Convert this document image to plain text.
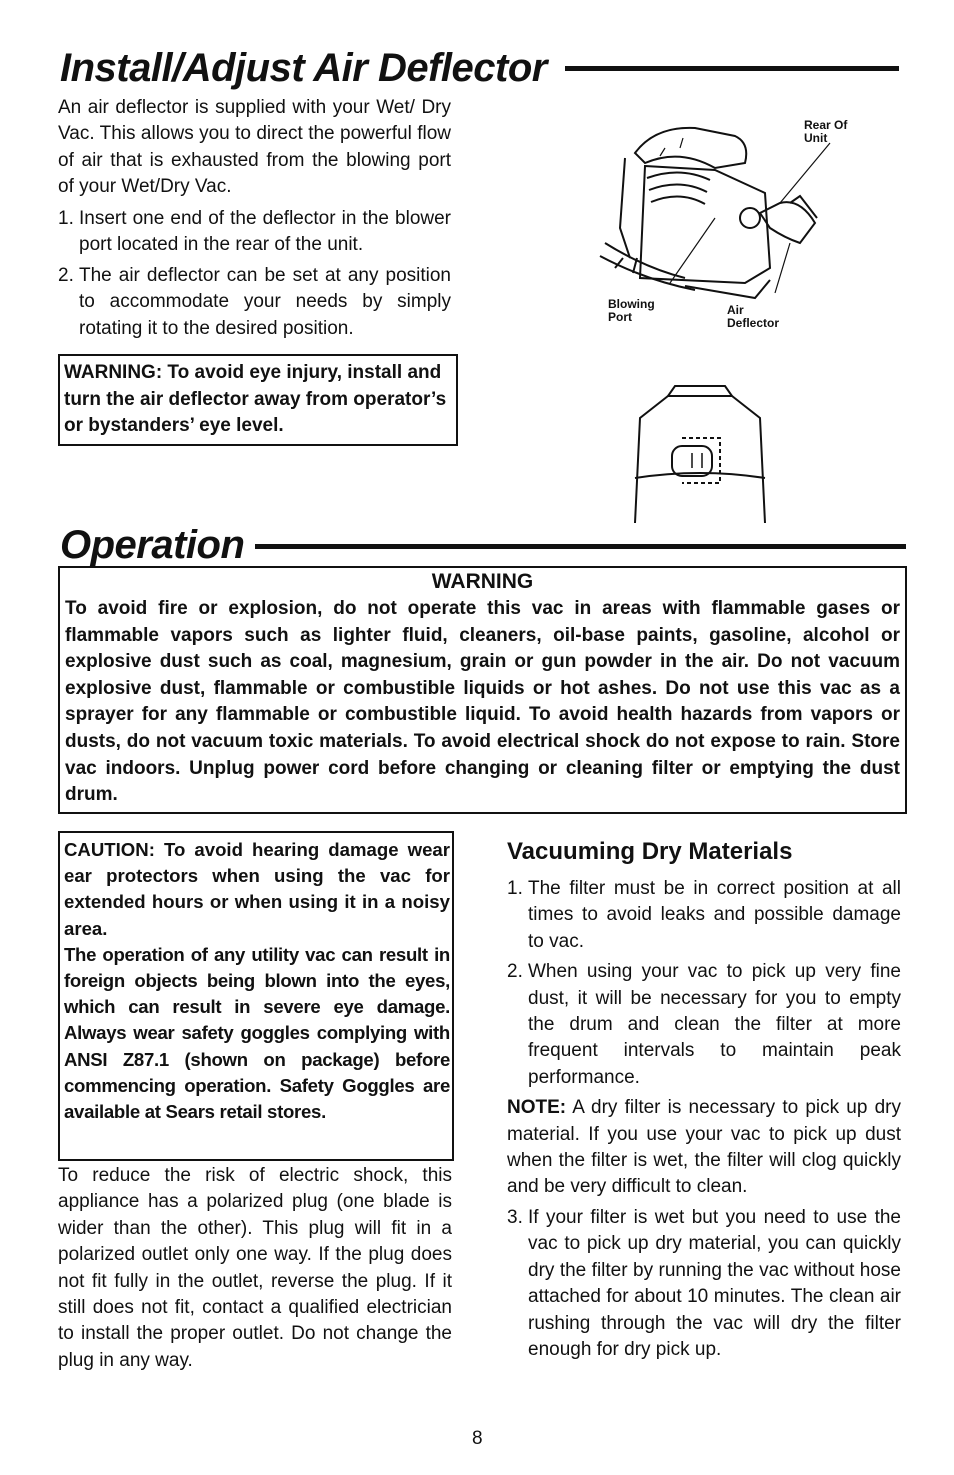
Install/Adjust Air Deflector
An air deflector is supplied with your Wet/ Dry Vac. This allows you to direct the powerful flow of air that is exhausted from the blowing port of your Wet/Dry Vac.
1. Insert one end of the deflector in the blower port located in the rear of the unit.
2. The air deflector can be set at any position to accommodate your needs by simply rotating it to the desired position.
WARNING: To avoid eye injury, install and turn the air deflector away from operator’s or bystanders’ eye level.
Rear Of Unit
Blowing Port	Air Deflector
Operation
WARNING
To avoid fire or explosion, do not operate this vac in areas with flammable gases or flammable vapors such as lighter fluid, cleaners, oil-base paints, gasoline, alcohol or explosive dust such as coal, magnesium, grain or gun powder in the air. Do not vacuum explosive dust, flammable or combustible liquids or hot ashes. Do not use this vac as a sprayer for any flammable or combustible liquid. To avoid health hazards from vapors or dusts, do not vacuum toxic materials. To avoid electrical shock do not expose to rain. Store vac indoors. Unplug power cord before changing or cleaning filter or emptying the dust drum.
CAUTION: To avoid hearing damage wear ear protectors when using the vac for extended hours or when using it in a noisy area.
The operation of any utility vac can result in foreign objects being blown into the eyes, which can result in severe eye damage. Always wear safety goggles complying with ANSI Z87.1 (shown on package) before commencing operation. Safety Goggles are available at Sears retail stores.
To reduce the risk of electric shock, this appliance has a polarized plug (one blade is wider than the other). This plug will fit in a polarized outlet only one way. If the plug does not fit fully in the outlet, reverse the plug. If it still does not fit, contact a qualified electrician to install the proper outlet. Do not change the plug in any way.
Vacuuming Dry Materials
1. The filter must be in correct position at all times to avoid leaks and possible damage to vac.
2. When using your vac to pick up very fine dust, it will be necessary for you to empty the drum and clean the filter at more frequent intervals to maintain peak performance.
NOTE: A dry filter is necessary to pick up dry material. If you use your vac to pick up dust when the filter is wet, the filter will clog quickly and be very difficult to clean.
3. If your filter is wet but you need to use the vac to pick up dry material, you can quickly dry the filter by running the vac without hose attached for about 10 minutes. The clean air rushing through the vac will dry the filter enough for dry pick up.
8
